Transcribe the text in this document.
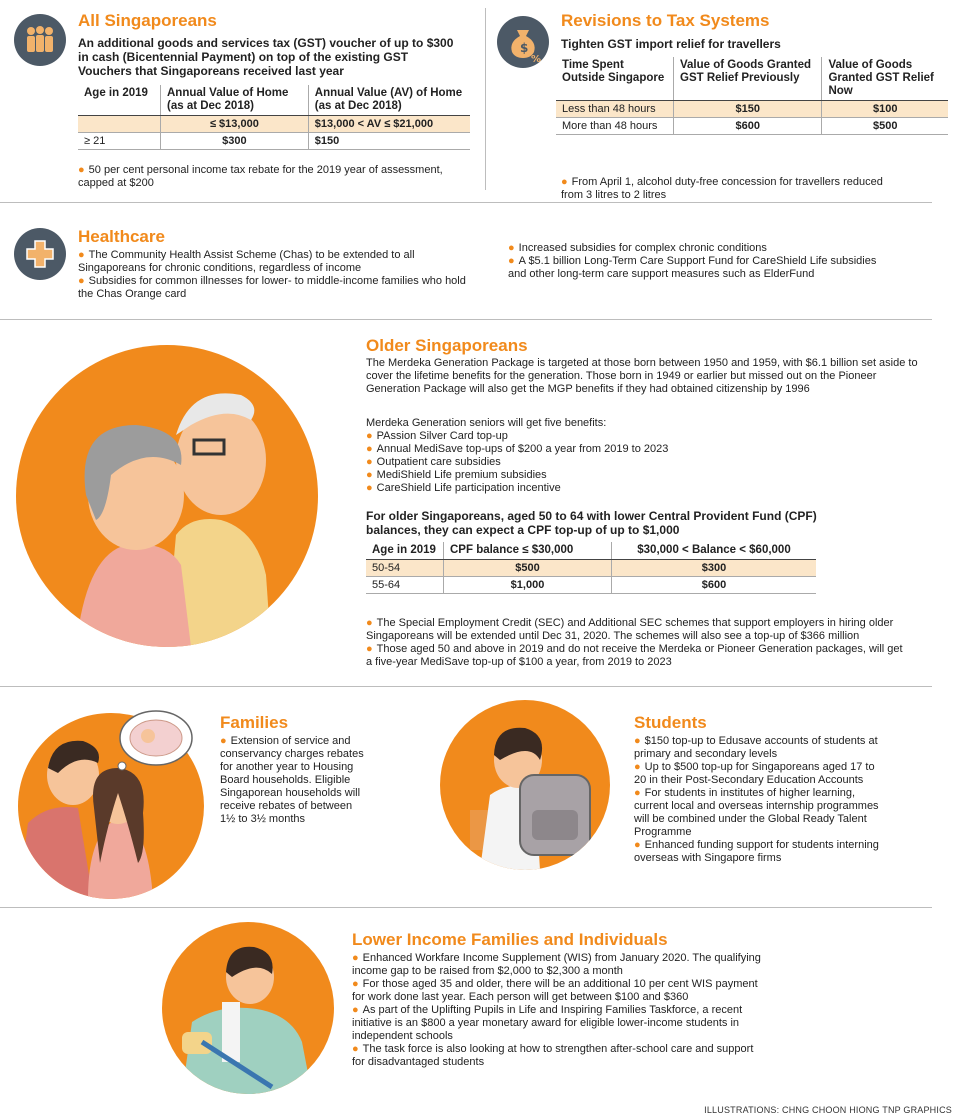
All Singaporeans
An additional goods and services tax (GST) voucher of up to $300 in cash (Bicentennial Payment) on top of the existing GST Vouchers that Singaporeans received last year
Age in 2019	Annual Value of Home (as at Dec 2018)	Annual Value (AV) of Home (as at Dec 2018)
	≤ $13,000	$13,000 < AV ≤ $21,000
≥ 21	$300	$150
● 50 per cent personal income tax rebate for the 2019 year of assessment, capped at $200
$
%
Revisions to Tax Systems
Tighten GST import relief for travellers
Time Spent Outside Singapore	Value of Goods Granted GST Relief Previously	Value of Goods Granted GST Relief Now
Less than 48 hours	$150	$100
More than 48 hours	$600	$500
● From April 1, alcohol duty-free concession for travellers reduced from 3 litres to 2 litres
Healthcare
● The Community Health Assist Scheme (Chas) to be extended to all Singaporeans for chronic conditions, regardless of income
● Subsidies for common illnesses for lower- to middle-income families who hold the Chas Orange card
● Increased subsidies for complex chronic conditions
● A $5.1 billion Long-Term Care Support Fund for CareShield Life subsidies and other long-term care support measures such as ElderFund
Older Singaporeans
The Merdeka Generation Package is targeted at those born between 1950 and 1959, with $6.1 billion set aside to cover the lifetime benefits for the generation. Those born in 1949 or earlier but missed out on the Pioneer Generation Package will also get the MGP benefits if they had obtained citizenship by 1996
Merdeka Generation seniors will get five benefits:
● PAssion Silver Card top-up
● Annual MediSave top-ups of $200 a year from 2019 to 2023
● Outpatient care subsidies
● MediShield Life premium subsidies
● CareShield Life participation incentive
For older Singaporeans, aged 50 to 64 with lower Central Provident Fund (CPF) balances, they can expect a CPF top-up of up to $1,000
Age in 2019	CPF balance ≤ $30,000	$30,000 < Balance < $60,000
50-54	$500	$300
55-64	$1,000	$600
● The Special Employment Credit (SEC) and Additional SEC schemes that support employers in hiring older Singaporeans will be extended until Dec 31, 2020. The schemes will also see a top-up of $366 million
● Those aged 50 and above in 2019 and do not receive the Merdeka or Pioneer Generation packages, will get a five-year MediSave top-up of $100 a year, from 2019 to 2023
Families
● Extension of service and conservancy charges rebates for another year to Housing Board households. Eligible Singaporean households will receive rebates of between 1½ to 3½ months
Students
● $150 top-up to Edusave accounts of students at primary and secondary levels
● Up to $500 top-up for Singaporeans aged 17 to 20 in their Post-Secondary Education Accounts
● For students in institutes of higher learning, current local and overseas internship programmes will be combined under the Global Ready Talent Programme
● Enhanced funding support for students interning overseas with Singapore firms
Lower Income Families and Individuals
● Enhanced Workfare Income Supplement (WIS) from January 2020. The qualifying income gap to be raised from $2,000 to $2,300 a month
● For those aged 35 and older, there will be an additional 10 per cent WIS payment for work done last year. Each person will get between $100 and $360
● As part of the Uplifting Pupils in Life and Inspiring Families Taskforce, a recent initiative is an $800 a year monetary award for eligible lower-income students in independent schools
● The task force is also looking at how to strengthen after-school care and support for disadvantaged students
ILLUSTRATIONS: CHNG CHOON HIONG TNP GRAPHICS
